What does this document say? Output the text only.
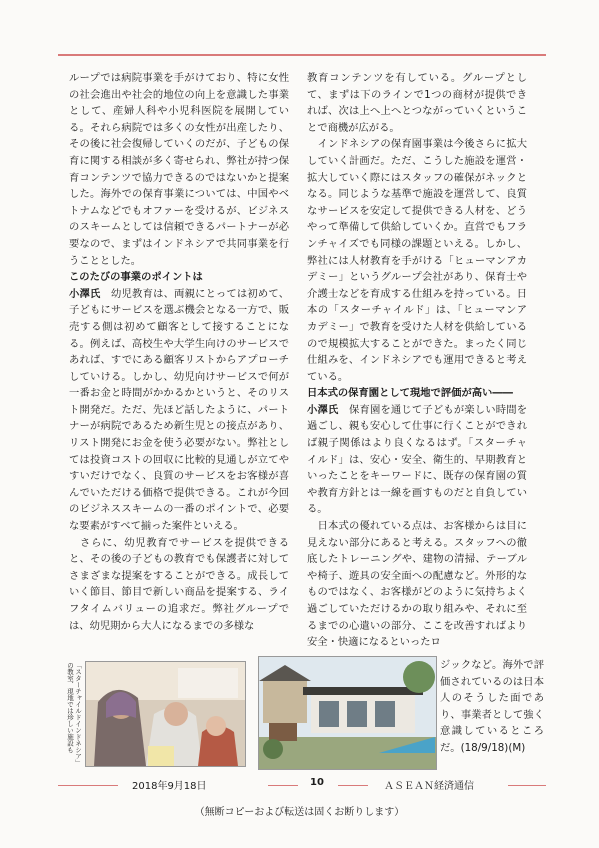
ループでは病院事業を手がけており、特に女性の社会進出や社会的地位の向上を意識した事業として、産婦人科や小児科医院を展開している。それら病院では多くの女性が出産したり、その後に社会復帰していくのだが、子どもの保育に関する相談が多く寄せられ、弊社が持つ保育コンテンツで協力できるのではないかと提案した。海外での保育事業については、中国やベトナムなどでもオファーを受けるが、ビジネスのスキームとしては信頼できるパートナーが必要なので、まずはインドネシアで共同事業を行うこととした。

このたびの事業のポイントは

小澤氏　 幼児教育は、両親にとっては初めて、子どもにサービスを選ぶ機会となる一方で、販売する側は初めて顧客として接することになる。例えば、高校生や大学生向けのサービスであれば、すでにある顧客リストからアプローチしていける。しかし、幼児向けサービスで何が一番お金と時間がかかるかというと、そのリスト開発だ。ただ、先ほど話したように、パートナーが病院であるため新生児との接点があり、リスト開発にお金を使う必要がない。弊社としては投資コストの回収に比較的見通しが立てやすいだけでなく、良質のサービスをお客様が喜んでいただける価格で提供できる。これが今回のビジネススキームの一番のポイントで、必要な要素がすべて揃った案件といえる。

　さらに、幼児教育でサービスを提供できると、その後の子どもの教育でも保護者に対してさまざまな提案をすることができる。成長していく節目、節目で新しい商品を提案する、ライフタイムバリューの追求だ。弊社グループでは、幼児期から大人になるまでの多様な

教育コンテンツを有している。グループとして、まずは下のラインで1つの商材が提供できれば、次は上へ上へとつながっていくということで商機が広がる。

　インドネシアの保育園事業は今後さらに拡大していく計画だ。ただ、こうした施設を運営・拡大していく際にはスタッフの確保がネックとなる。同じような基準で施設を運営して、良質なサービスを安定して提供できる人材を、どうやって準備して供給していくか。直営でもフランチャイズでも同様の課題といえる。しかし、弊社には人材教育を手がける「ヒューマンアカデミー」というグループ会社があり、保育士や介護士などを育成する仕組みを持っている。日本の「スターチャイルド」は、「ヒューマンアカデミー」で教育を受けた人材を供給しているので規模拡大することができた。まったく同じ仕組みを、インドネシアでも運用できると考えている。

日本式の保育園として現地で評価が高い――

小澤氏　 保育園を通じて子どもが楽しい時間を過ごし、親も安心して仕事に行くことができれば親子関係はより良くなるはず。「スターチャイルド」は、安心・安全、衛生的、早期教育といったことをキーワードに、既存の保育園の質や教育方針とは一線を画すものだと自負している。

　日本式の優れている点は、お客様からは目に見えない部分にあると考える。スタッフへの徹底したトレーニングや、建物の清掃、テーブルや椅子、遊具の安全面への配慮など。外形的なものではなく、お客様がどのように気持ちよく過ごしていただけるかの取り組みや、それに至るまでの心遣いの部分、ここを改善すればより安全・快適になるといったロ

「スターチャイルドインドネシア」の教室、現地では珍しい施設も	ジックなど。海外で評価されているのは日本人のそうした面であり、事業者として強く意識しているところだ。(18/9/18)(M)

2018年9月18日	10	ＡＳＥＡＮ経済通信
（無断コピーおよび転送は固くお断りします）
